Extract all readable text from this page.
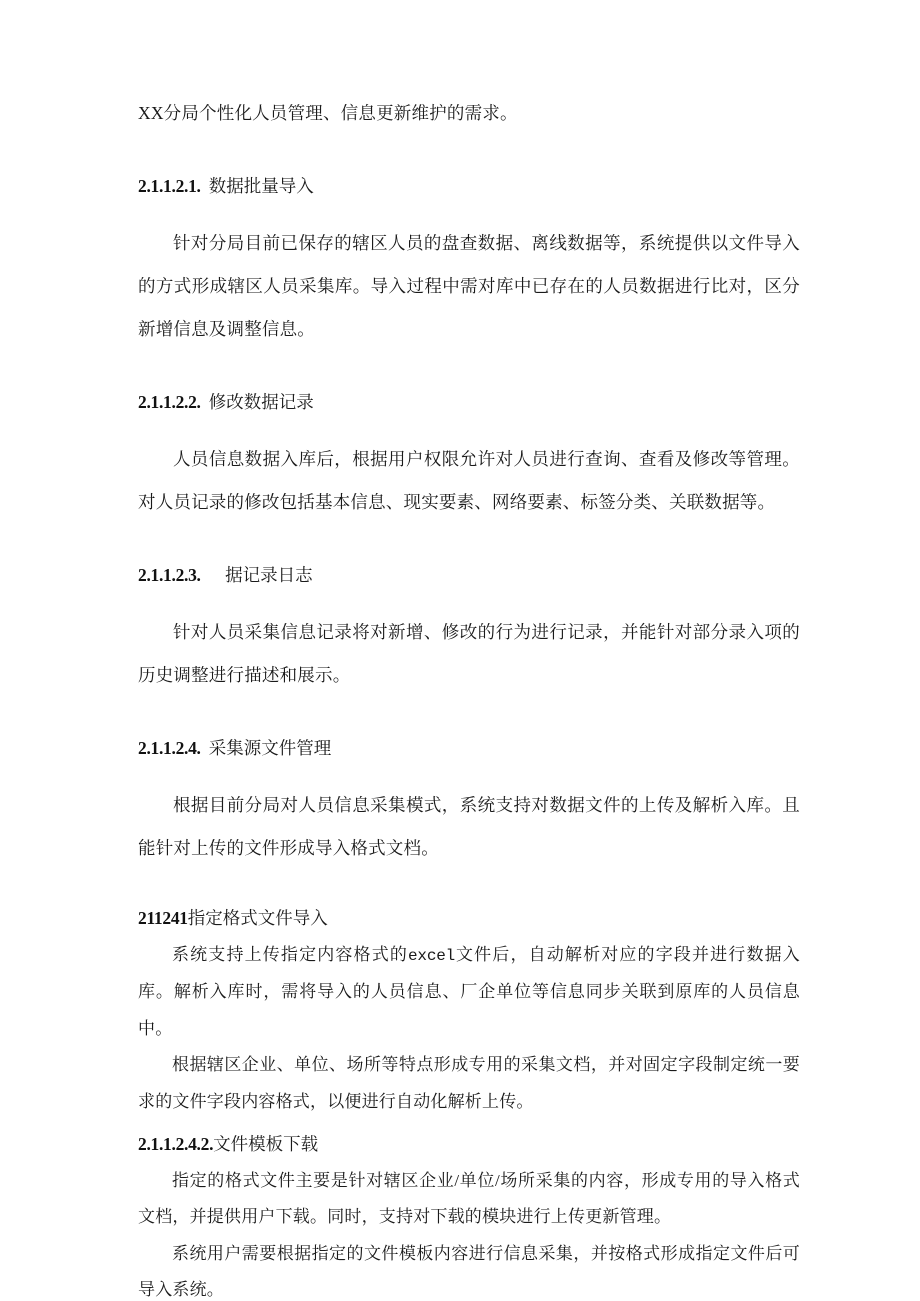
XX分局个性化人员管理、信息更新维护的需求。

2.1.1.2.1. 数据批量导入

针对分局目前已保存的辖区人员的盘查数据、离线数据等，系统提供以文件导入的方式形成辖区人员采集库。导入过程中需对库中已存在的人员数据进行比对，区分新增信息及调整信息。

2.1.1.2.2. 修改数据记录

人员信息数据入库后，根据用户权限允许对人员进行查询、查看及修改等管理。对人员记录的修改包括基本信息、现实要素、网络要素、标签分类、关联数据等。

2.1.1.2.3. 据记录日志

针对人员采集信息记录将对新增、修改的行为进行记录，并能针对部分录入项的历史调整进行描述和展示。

2.1.1.2.4. 采集源文件管理

根据目前分局对人员信息采集模式，系统支持对数据文件的上传及解析入库。且能针对上传的文件形成导入格式文档。

211241指定格式文件导入

系统支持上传指定内容格式的excel文件后，自动解析对应的字段并进行数据入库。解析入库时，需将导入的人员信息、厂企单位等信息同步关联到原库的人员信息中。

根据辖区企业、单位、场所等特点形成专用的采集文档，并对固定字段制定统一要求的文件字段内容格式，以便进行自动化解析上传。

2.1.1.2.4.2.文件模板下载

指定的格式文件主要是针对辖区企业/单位/场所采集的内容，形成专用的导入格式文档，并提供用户下载。同时，支持对下载的模块进行上传更新管理。

系统用户需要根据指定的文件模板内容进行信息采集，并按格式形成指定文件后可导入系统。
